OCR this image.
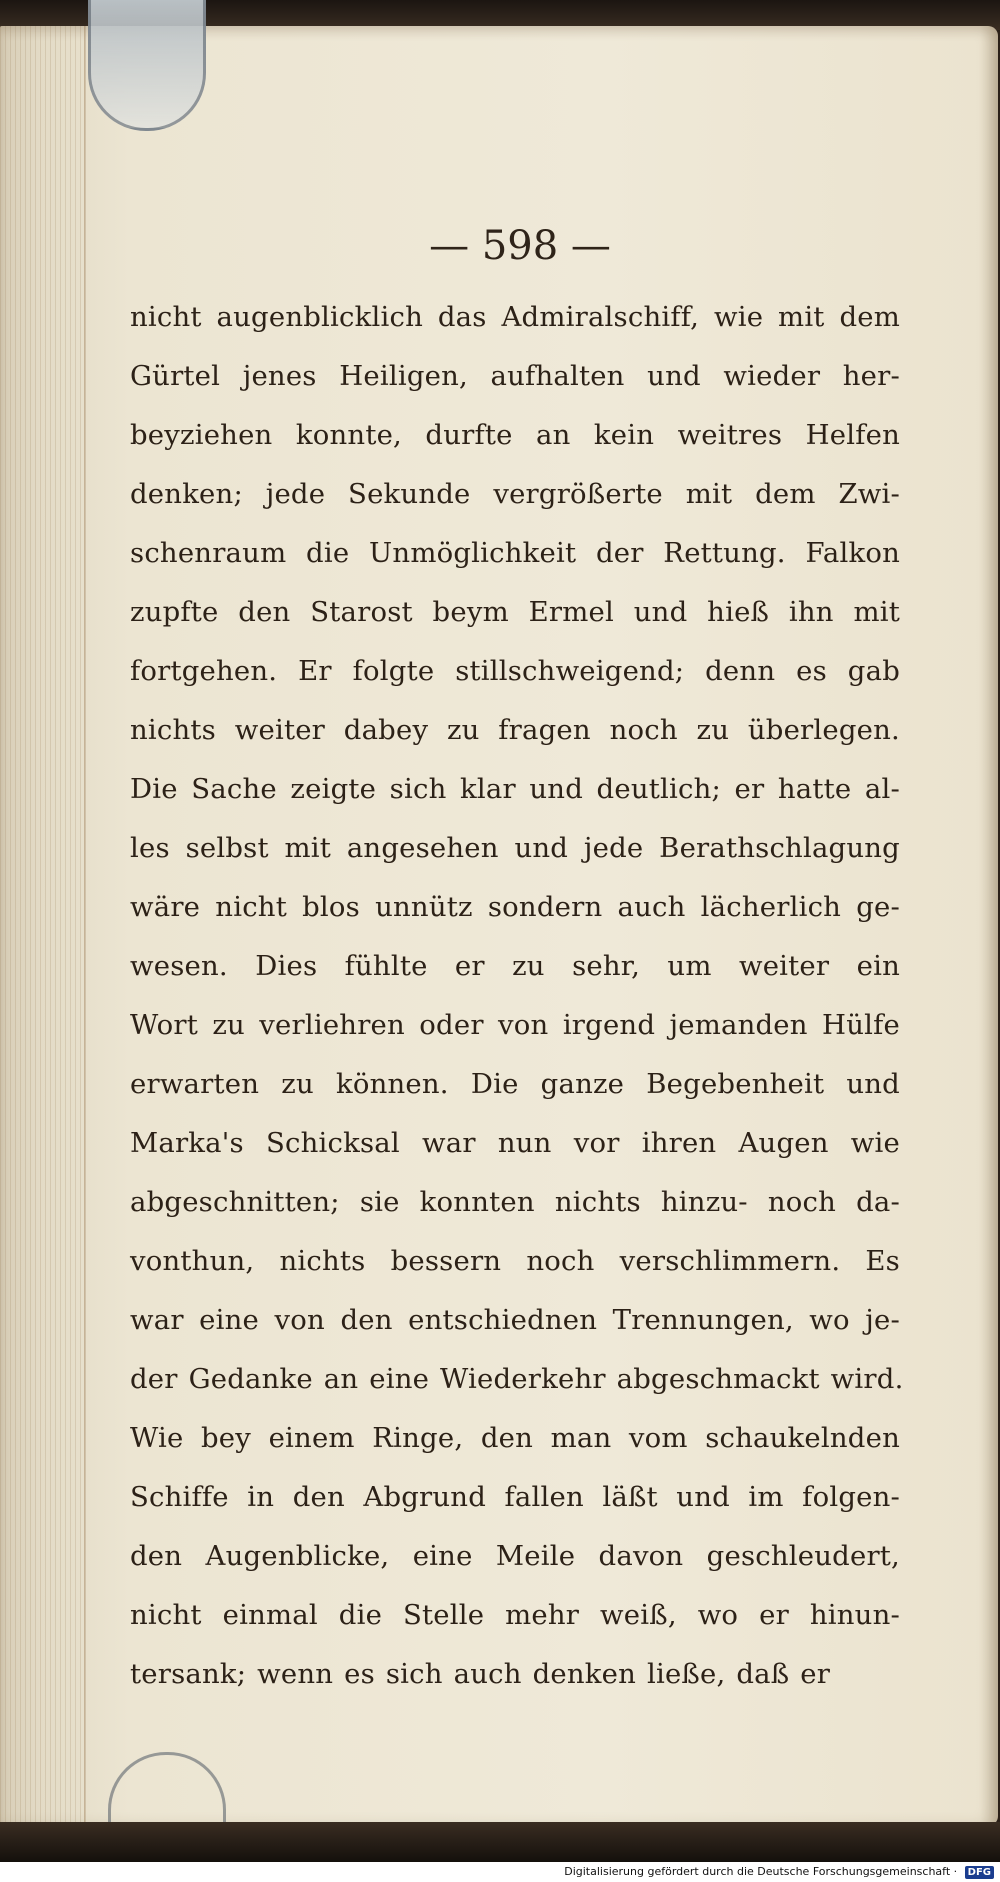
— 598 —
nicht augenblicklich das Admiralschiff, wie mit dem
Gürtel jenes Heiligen, aufhalten und wieder her-
beyziehen konnte, durfte an kein weitres Helfen
denken; jede Sekunde vergrößerte mit dem Zwi-
schenraum die Unmöglichkeit der Rettung. Falkon
zupfte den Starost beym Ermel und hieß ihn mit
fortgehen. Er folgte stillschweigend; denn es gab
nichts weiter dabey zu fragen noch zu überlegen.
Die Sache zeigte sich klar und deutlich; er hatte al-
les selbst mit angesehen und jede Berathschlagung
wäre nicht blos unnütz sondern auch lächerlich ge-
wesen. Dies fühlte er zu sehr, um weiter ein
Wort zu verliehren oder von irgend jemanden Hülfe
erwarten zu können. Die ganze Begebenheit und
Marka's Schicksal war nun vor ihren Augen wie
abgeschnitten; sie konnten nichts hinzu- noch da-
vonthun, nichts bessern noch verschlimmern. Es
war eine von den entschiednen Trennungen, wo je-
der Gedanke an eine Wiederkehr abgeschmackt wird.
Wie bey einem Ringe, den man vom schaukelnden
Schiffe in den Abgrund fallen läßt und im folgen-
den Augenblicke, eine Meile davon geschleudert,
nicht einmal die Stelle mehr weiß, wo er hinun-
tersank; wenn es sich auch denken ließe, daß er
Digitalisierung gefördert durch die Deutsche Forschungsgemeinschaft · DFG
